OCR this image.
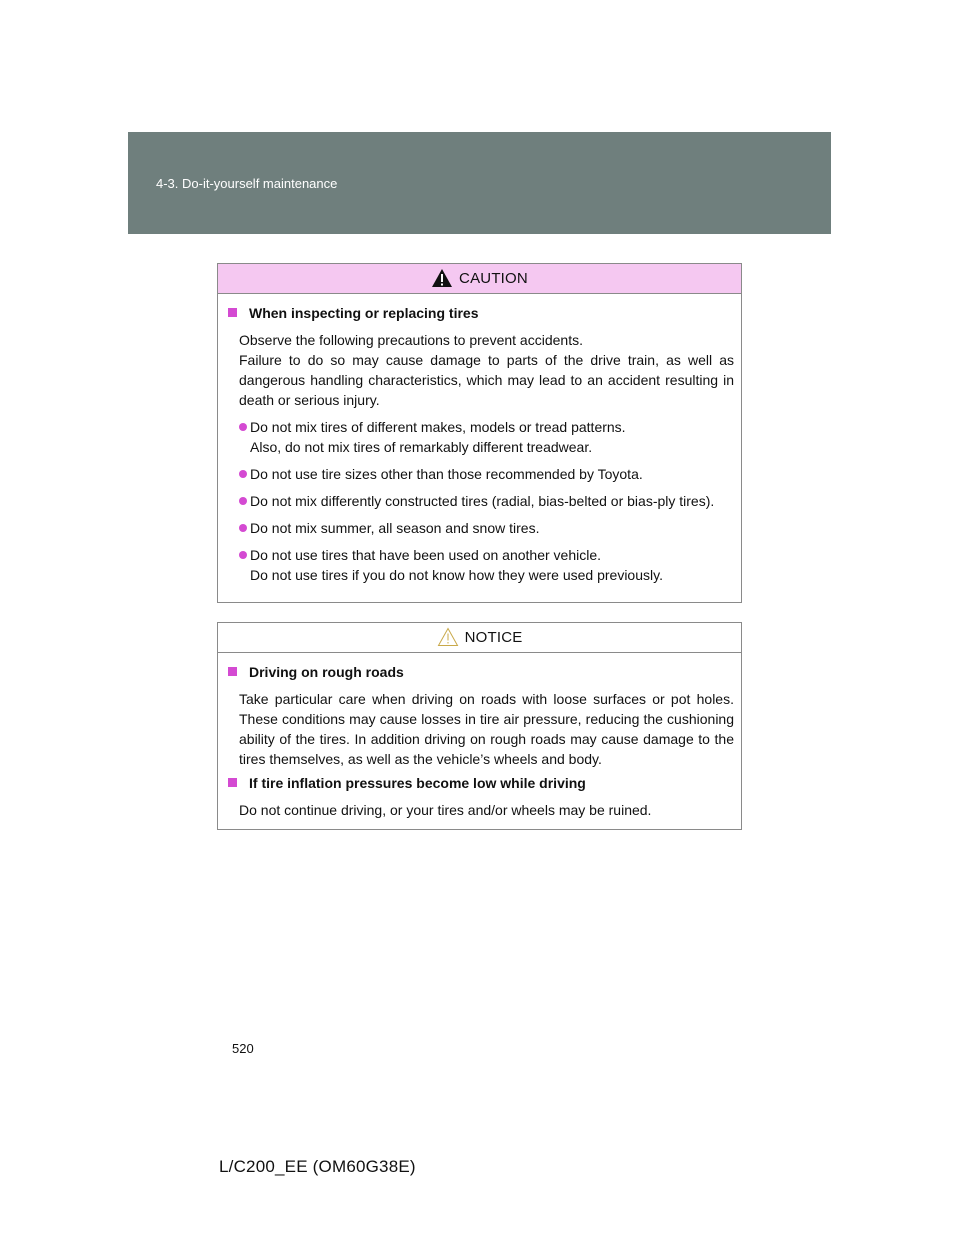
4-3. Do-it-yourself maintenance
CAUTION
When inspecting or replacing tires
Observe the following precautions to prevent accidents.
Failure to do so may cause damage to parts of the drive train, as well as dangerous handling characteristics, which may lead to an accident resulting in death or serious injury.
Do not mix tires of different makes, models or tread patterns.
Also, do not mix tires of remarkably different treadwear.
Do not use tire sizes other than those recommended by Toyota.
Do not mix differently constructed tires (radial, bias-belted or bias-ply tires).
Do not mix summer, all season and snow tires.
Do not use tires that have been used on another vehicle.
Do not use tires if you do not know how they were used previously.
NOTICE
Driving on rough roads
Take particular care when driving on roads with loose surfaces or pot holes. These conditions may cause losses in tire air pressure, reducing the cushioning ability of the tires. In addition driving on rough roads may cause damage to the tires themselves, as well as the vehicle’s wheels and body.
If tire inflation pressures become low while driving
Do not continue driving, or your tires and/or wheels may be ruined.
520
L/C200_EE (OM60G38E)
